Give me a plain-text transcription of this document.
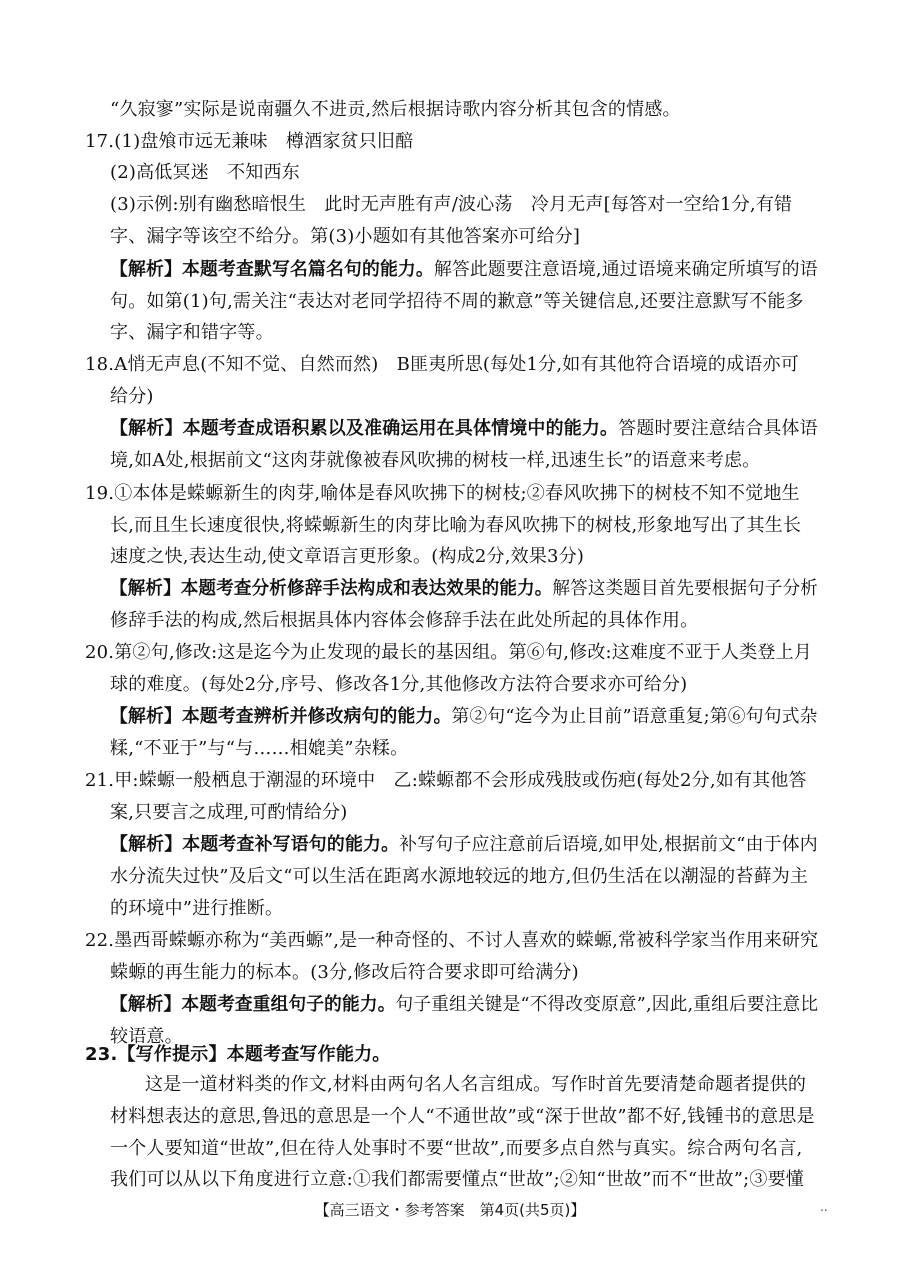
“久寂寥”实际是说南疆久不进贡,然后根据诗歌内容分析其包含的情感。
17.(1)盘飧市远无兼味　樽酒家贫只旧醅
(2)高低冥迷　不知西东
(3)示例:别有幽愁暗恨生　此时无声胜有声/波心荡　冷月无声[每答对一空给1分,有错
字、漏字等该空不给分。第(3)小题如有其他答案亦可给分]
【解析】本题考查默写名篇名句的能力。解答此题要注意语境,通过语境来确定所填写的语
句。如第(1)句,需关注“表达对老同学招待不周的歉意”等关键信息,还要注意默写不能多
字、漏字和错字等。
18.A悄无声息(不知不觉、自然而然)　B匪夷所思(每处1分,如有其他符合语境的成语亦可
给分)
【解析】本题考查成语积累以及准确运用在具体情境中的能力。答题时要注意结合具体语
境,如A处,根据前文“这肉芽就像被春风吹拂的树枝一样,迅速生长”的语意来考虑。
19.①本体是蝾螈新生的肉芽,喻体是春风吹拂下的树枝;②春风吹拂下的树枝不知不觉地生
长,而且生长速度很快,将蝾螈新生的肉芽比喻为春风吹拂下的树枝,形象地写出了其生长
速度之快,表达生动,使文章语言更形象。(构成2分,效果3分)
【解析】本题考查分析修辞手法构成和表达效果的能力。解答这类题目首先要根据句子分析
修辞手法的构成,然后根据具体内容体会修辞手法在此处所起的具体作用。
20.第②句,修改:这是迄今为止发现的最长的基因组。第⑥句,修改:这难度不亚于人类登上月
球的难度。(每处2分,序号、修改各1分,其他修改方法符合要求亦可给分)
【解析】本题考查辨析并修改病句的能力。第②句“迄今为止目前”语意重复;第⑥句句式杂
糅,“不亚于”与“与……相媲美”杂糅。
21.甲:蝾螈一般栖息于潮湿的环境中　乙:蝾螈都不会形成残肢或伤疤(每处2分,如有其他答
案,只要言之成理,可酌情给分)
【解析】本题考查补写语句的能力。补写句子应注意前后语境,如甲处,根据前文“由于体内
水分流失过快”及后文“可以生活在距离水源地较远的地方,但仍生活在以潮湿的苔藓为主
的环境中”进行推断。
22.墨西哥蝾螈亦称为“美西螈”,是一种奇怪的、不讨人喜欢的蝾螈,常被科学家当作用来研究
蝾螈的再生能力的标本。(3分,修改后符合要求即可给满分)
【解析】本题考查重组句子的能力。句子重组关键是“不得改变原意”,因此,重组后要注意比
较语意。
23.【写作提示】本题考查写作能力。
这是一道材料类的作文,材料由两句名人名言组成。写作时首先要清楚命题者提供的
材料想表达的意思,鲁迅的意思是一个人“不通世故”或“深于世故”都不好,钱锺书的意思是
一个人要知道“世故”,但在待人处事时不要“世故”,而要多点自然与真实。综合两句名言,
我们可以从以下角度进行立意:①我们都需要懂点“世故”;②知“世故”而不“世故”;③要懂
【高三语文・参考答案　第4页(共5页)】	..
